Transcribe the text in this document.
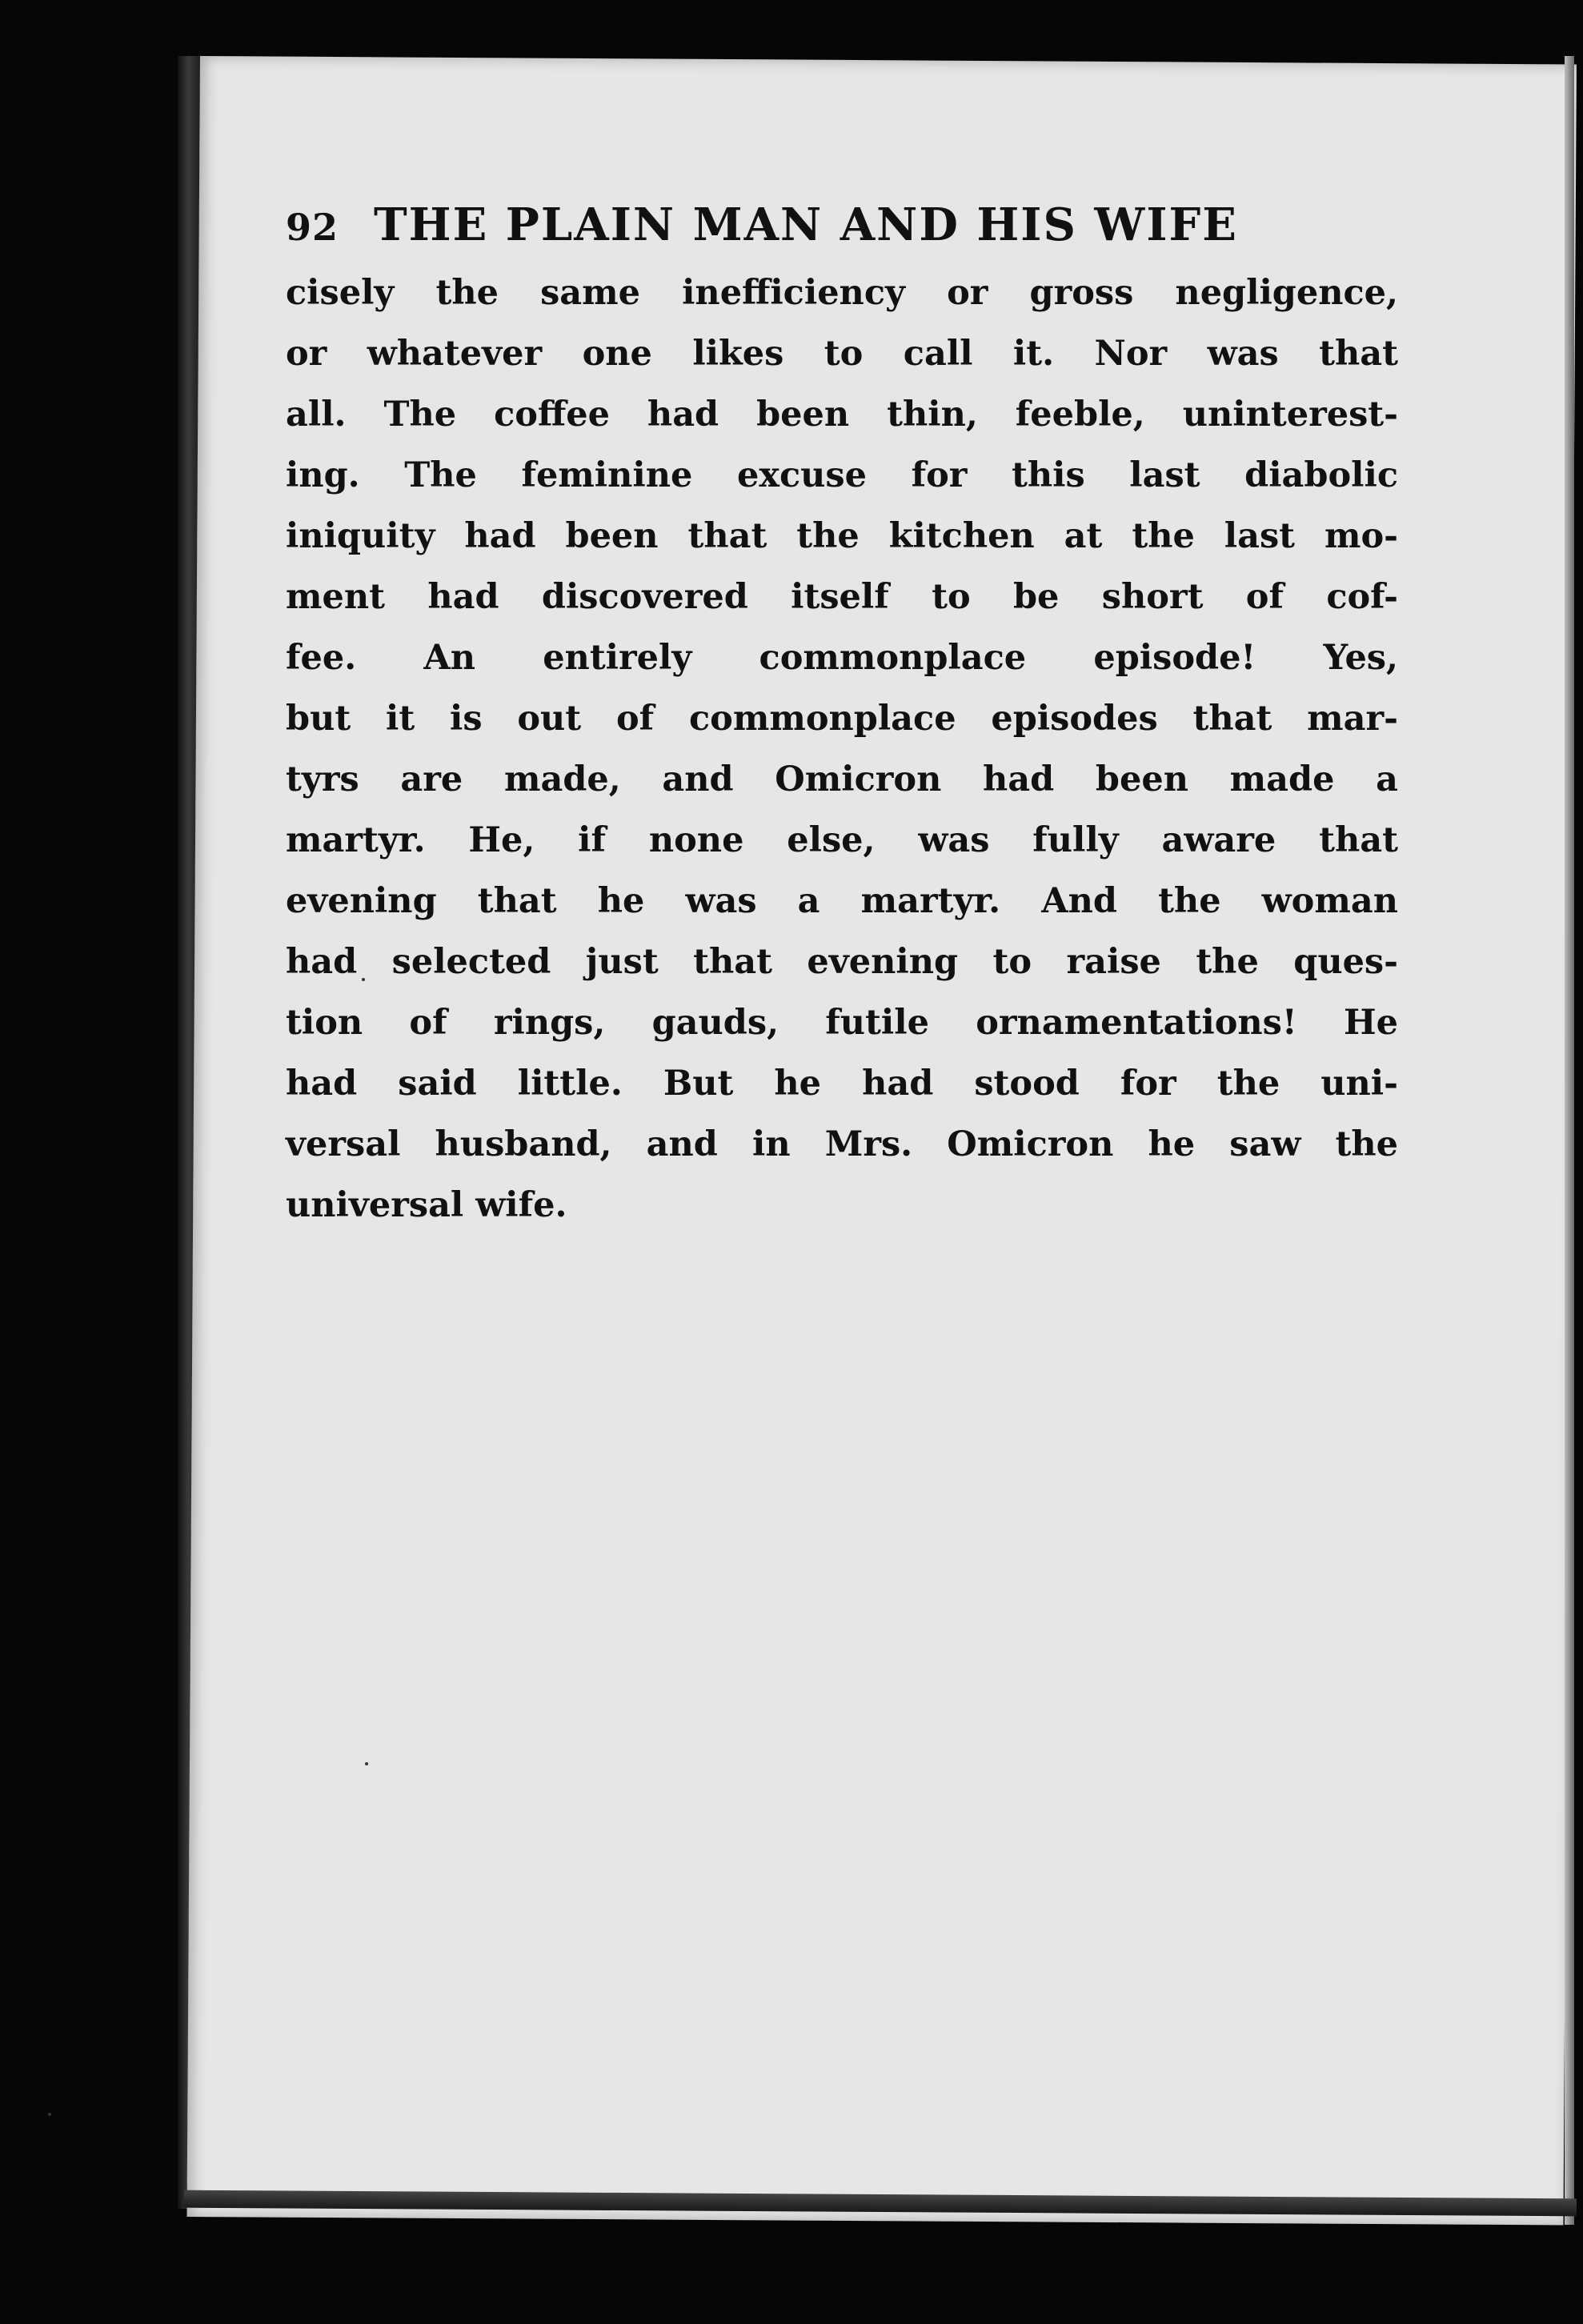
92 THE PLAIN MAN AND HIS WIFE
cisely the same inefficiency or gross negligence,
or whatever one likes to call it. Nor was that
all. The coffee had been thin, feeble, uninterest-
ing. The feminine excuse for this last diabolic
iniquity had been that the kitchen at the last mo-
ment had discovered itself to be short of cof-
fee. An entirely commonplace episode! Yes,
but it is out of commonplace episodes that mar-
tyrs are made, and Omicron had been made a
martyr. He, if none else, was fully aware that
evening that he was a martyr. And the woman
had selected just that evening to raise the ques-
tion of rings, gauds, futile ornamentations! He
had said little. But he had stood for the uni-
versal husband, and in Mrs. Omicron he saw the
universal wife.
